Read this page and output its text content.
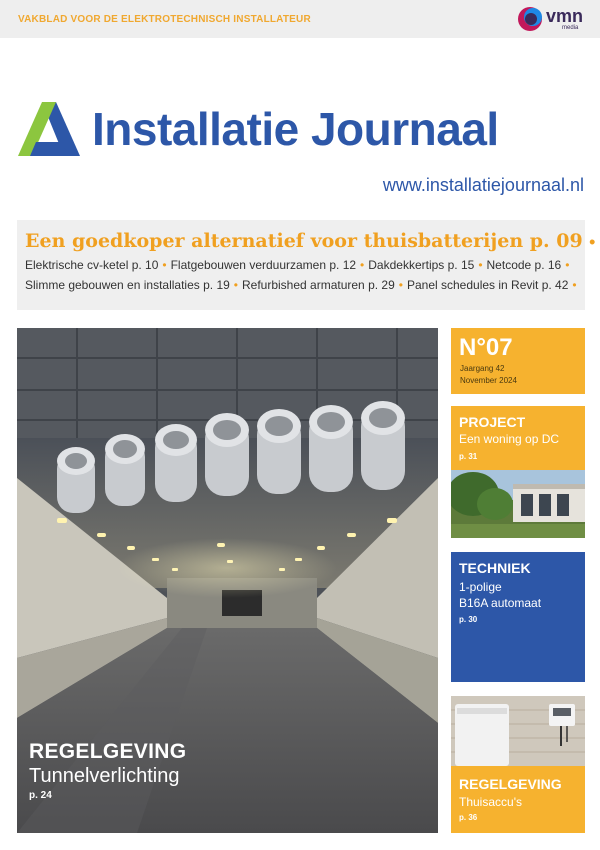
VAKBLAD VOOR DE ELEKTROTECHNISCH INSTALLATEUR	vmn
media
Installatie Journaal
www.installatiejournaal.nl
Een goedkoper alternatief voor thuisbatterijen p. 09 •
Elektrische cv-ketel p. 10 • Flatgebouwen verduurzamen p. 12 • Dakdekkertips p. 15 • Netcode p. 16 •
Slimme gebouwen en installaties p. 19 • Refurbished armaturen p. 29 • Panel schedules in Revit p. 42 •
REGELGEVING
Tunnelverlichting
p. 24
N°07
Jaargang 42
November 2024
PROJECT
Een woning op DC
p. 31
TECHNIEK
1-polige
B16A automaat
p. 30
REGELGEVING
Thuisaccu's
p. 36
